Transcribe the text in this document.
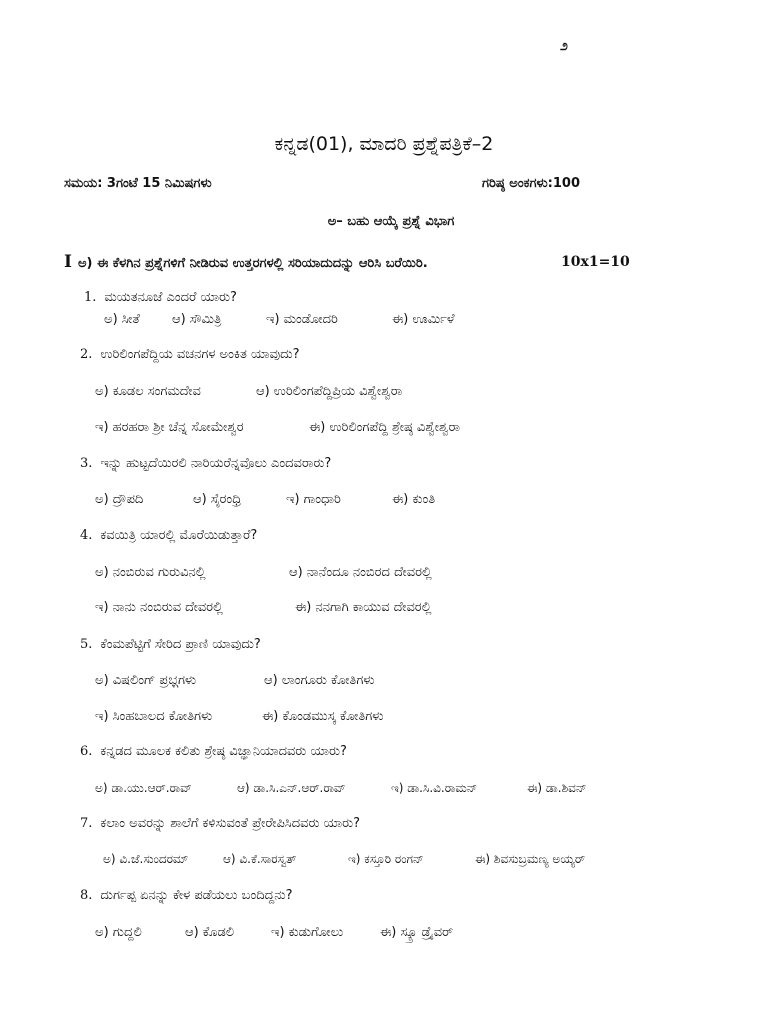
೨
ಕನ್ನಡ(01), ಮಾದರಿ ಪ್ರಶ್ನೆಪತ್ರಿಕೆ–2
ಸಮಯ: 3ಗಂಟೆ 15 ನಿಮಿಷಗಳು	ಗರಿಷ್ಠ ಅಂಕಗಳು:100
ಅ– ಬಹು ಆಯ್ಕೆ ಪ್ರಶ್ನೆ ವಿಭಾಗ
I ಅ) ಈ ಕೆಳಗಿನ ಪ್ರಶ್ನೆಗಳಿಗೆ ನೀಡಿರುವ ಉತ್ತರಗಳಲ್ಲಿ ಸರಿಯಾದುದನ್ನು ಆರಿಸಿ ಬರೆಯಿರಿ.	10x1=10
1. ಮಯತನೂಜೆ ಎಂದರೆ ಯಾರು?
ಅ) ಸೀತೆ ಆ) ಸೌಮಿತ್ರಿ	ಇ) ಮಂಡೋದರಿ	ಈ) ಊರ್ಮಿಳೆ
2. ಉರಿಲಿಂಗಪೆದ್ದಿಯ ವಚನಗಳ ಅಂಕಿತ ಯಾವುದು?
ಅ) ಕೂಡಲ ಸಂಗಮದೇವ	ಆ) ಉರಿಲಿಂಗಪೆದ್ದಿಪ್ರಿಯ ವಿಶ್ವೇಶ್ವರಾ
ಇ) ಹರಹರಾ ಶ್ರೀ ಚೆನ್ನ ಸೋಮೇಶ್ವರ	ಈ) ಉರಿಲಿಂಗಪೆದ್ದಿ ಶ್ರೇಷ್ಠ ವಿಶ್ವೇಶ್ವರಾ
3. ಇನ್ನು ಹುಟ್ಟದೆಯಿರಲಿ ನಾರಿಯರೆನ್ನವೊಲು ಎಂದವರಾರು?
ಅ) ದ್ರೌಪದಿ	ಆ) ಸೈರಂಧ್ರಿ	ಇ) ಗಾಂಧಾರಿ	ಈ) ಕುಂತಿ
4. ಕವಯಿತ್ರಿ ಯಾರಲ್ಲಿ ಮೊರೆಯಿಡುತ್ತಾರೆ?
ಅ) ನಂಬಿರುವ ಗುರುವಿನಲ್ಲಿ	ಆ) ನಾನೆಂದೂ ನಂಬಿರದ ದೇವರಲ್ಲಿ
ಇ) ನಾನು ನಂಬಿರುವ ದೇವರಲ್ಲಿ	ಈ) ನನಗಾಗಿ ಕಾಯುವ ದೇವರಲ್ಲಿ
5. ಕೆಂಮಪೆಟ್ಟಿಗೆ ಸೇರಿದ ಪ್ರಾಣಿ ಯಾವುದು?
ಅ) ವಿಷಲಿಂಗ್ ಪ್ರಭ್ಗಗಳು	ಆ) ಲಾಂಗೂರು ಕೋತಿಗಳು
ಇ) ಸಿಂಹಬಾಲದ ಕೋತಿಗಳು	ಈ) ಕೊಂಡಮುಸ್ಕ ಕೋತಿಗಳು
6. ಕನ್ನಡದ ಮೂಲಕ ಕಲಿತು ಶ್ರೇಷ್ಠ ವಿಜ್ಞಾನಿಯಾದವರು ಯಾರು?
ಅ) ಡಾ.ಯು.ಆರ್.ರಾವ್	ಆ) ಡಾ.ಸಿ.ಎನ್.ಆರ್.ರಾವ್	ಇ) ಡಾ.ಸಿ.ವಿ.ರಾಮನ್	ಈ) ಡಾ.ಶಿವನ್
7. ಕಲಾಂ ಅವರನ್ನು ಶಾಲೆಗೆ ಕಳಿಸುವಂತೆ ಪ್ರೇರೇಪಿಸಿದವರು ಯಾರು?
ಅ) ವಿ.ಜೆ.ಸುಂದರಮ್	ಆ) ವಿ.ಕೆ.ಸಾರಸ್ವತ್	ಇ) ಕಸ್ತೂರಿ ರಂಗನ್	ಈ) ಶಿವಸುಬ್ರಮಣ್ಯ ಅಯ್ಯರ್
8. ದುರ್ಗಪ್ಪ ಏನನ್ನು ಕೇಳ ಪಡೆಯಲು ಬಂದಿದ್ದನು?
ಅ) ಗುದ್ದಲಿ	ಆ) ಕೊಡಲಿ	ಇ) ಕುಡುಗೋಲು	ಈ) ಸ್ಕ್ರೂ ಡ್ರೈವರ್
